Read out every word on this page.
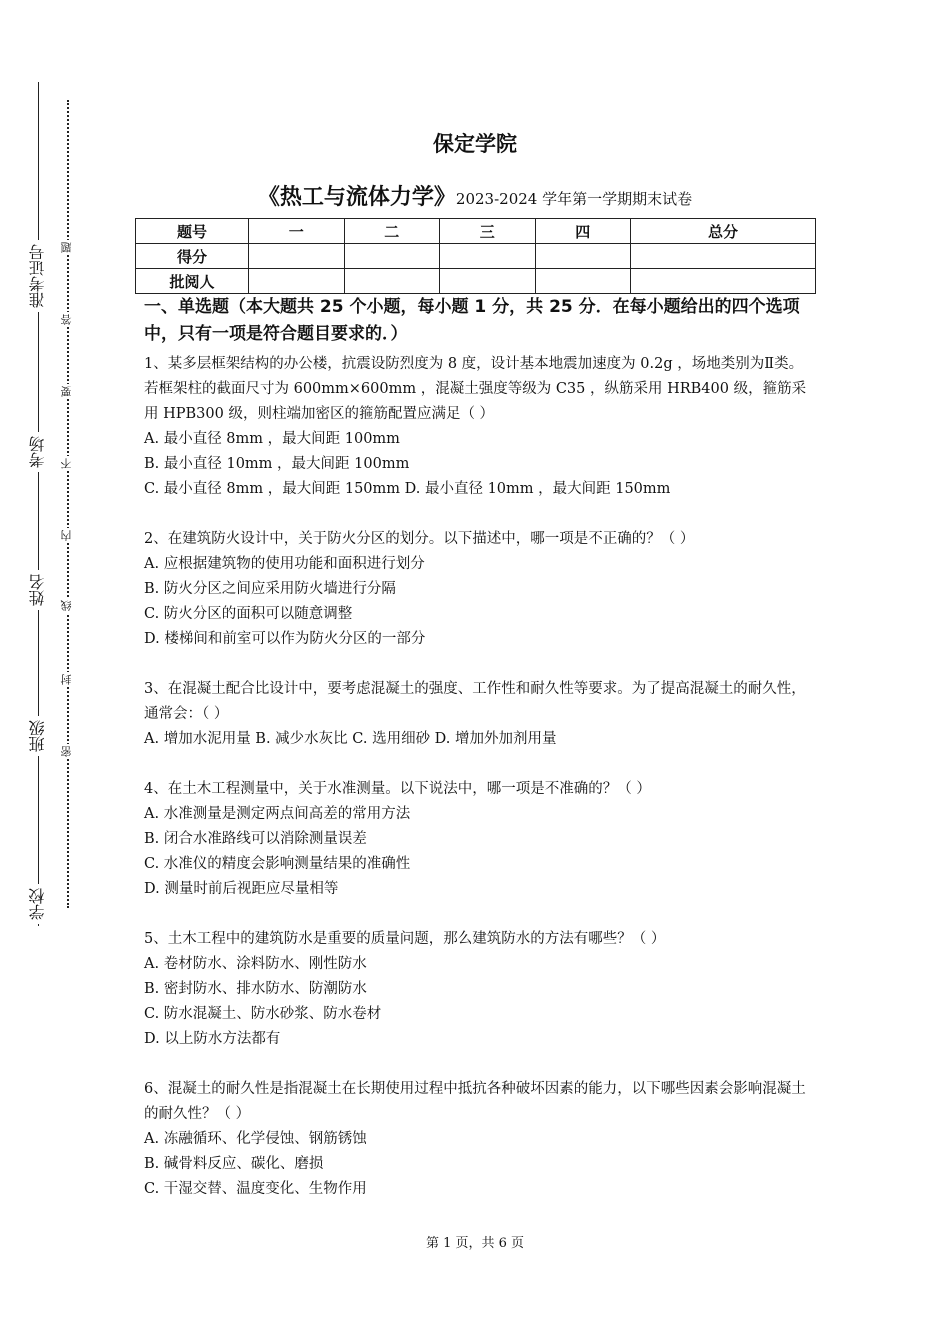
准考证号
考场
姓名
班级
学校
题
答
要
不
内
线
封
密
保定学院
《热工与流体力学》2023-2024 学年第一学期期末试卷
题号	一	二	三	四	总分
得分					
批阅人					

一、单选题（本大题共 25 个小题，每小题 1 分，共 25 分．在每小题给出的四个选项中，只有一项是符合题目要求的．）

1、某多层框架结构的办公楼，抗震设防烈度为 8 度，设计基本地震加速度为 0.2g ，场地类别为Ⅱ类。若框架柱的截面尺寸为 600mm×600mm ，混凝土强度等级为 C35 ，纵筋采用 HRB400 级，箍筋采用 HPB300 级，则柱端加密区的箍筋配置应满足（ ）

A. 最小直径 8mm ，最大间距 100mm

B. 最小直径 10mm ，最大间距 100mm

C. 最小直径 8mm ，最大间距 150mm D. 最小直径 10mm ，最大间距 150mm

2、在建筑防火设计中，关于防火分区的划分。以下描述中，哪一项是不正确的？（ ）

A. 应根据建筑物的使用功能和面积进行划分

B. 防火分区之间应采用防火墙进行分隔

C. 防火分区的面积可以随意调整

D. 楼梯间和前室可以作为防火分区的一部分

3、在混凝土配合比设计中，要考虑混凝土的强度、工作性和耐久性等要求。为了提高混凝土的耐久性，通常会：（ ）

A. 增加水泥用量 B. 减少水灰比 C. 选用细砂 D. 增加外加剂用量

4、在土木工程测量中，关于水准测量。以下说法中，哪一项是不准确的？（ ）

A. 水准测量是测定两点间高差的常用方法

B. 闭合水准路线可以消除测量误差

C. 水准仪的精度会影响测量结果的准确性

D. 测量时前后视距应尽量相等

5、土木工程中的建筑防水是重要的质量问题，那么建筑防水的方法有哪些？（ ）

A. 卷材防水、涂料防水、刚性防水

B. 密封防水、排水防水、防潮防水

C. 防水混凝土、防水砂浆、防水卷材

D. 以上防水方法都有

6、混凝土的耐久性是指混凝土在长期使用过程中抵抗各种破坏因素的能力，以下哪些因素会影响混凝土的耐久性？（ ）

A. 冻融循环、化学侵蚀、钢筋锈蚀

B. 碱骨料反应、碳化、磨损

C. 干湿交替、温度变化、生物作用

第 1 页，共 6 页
